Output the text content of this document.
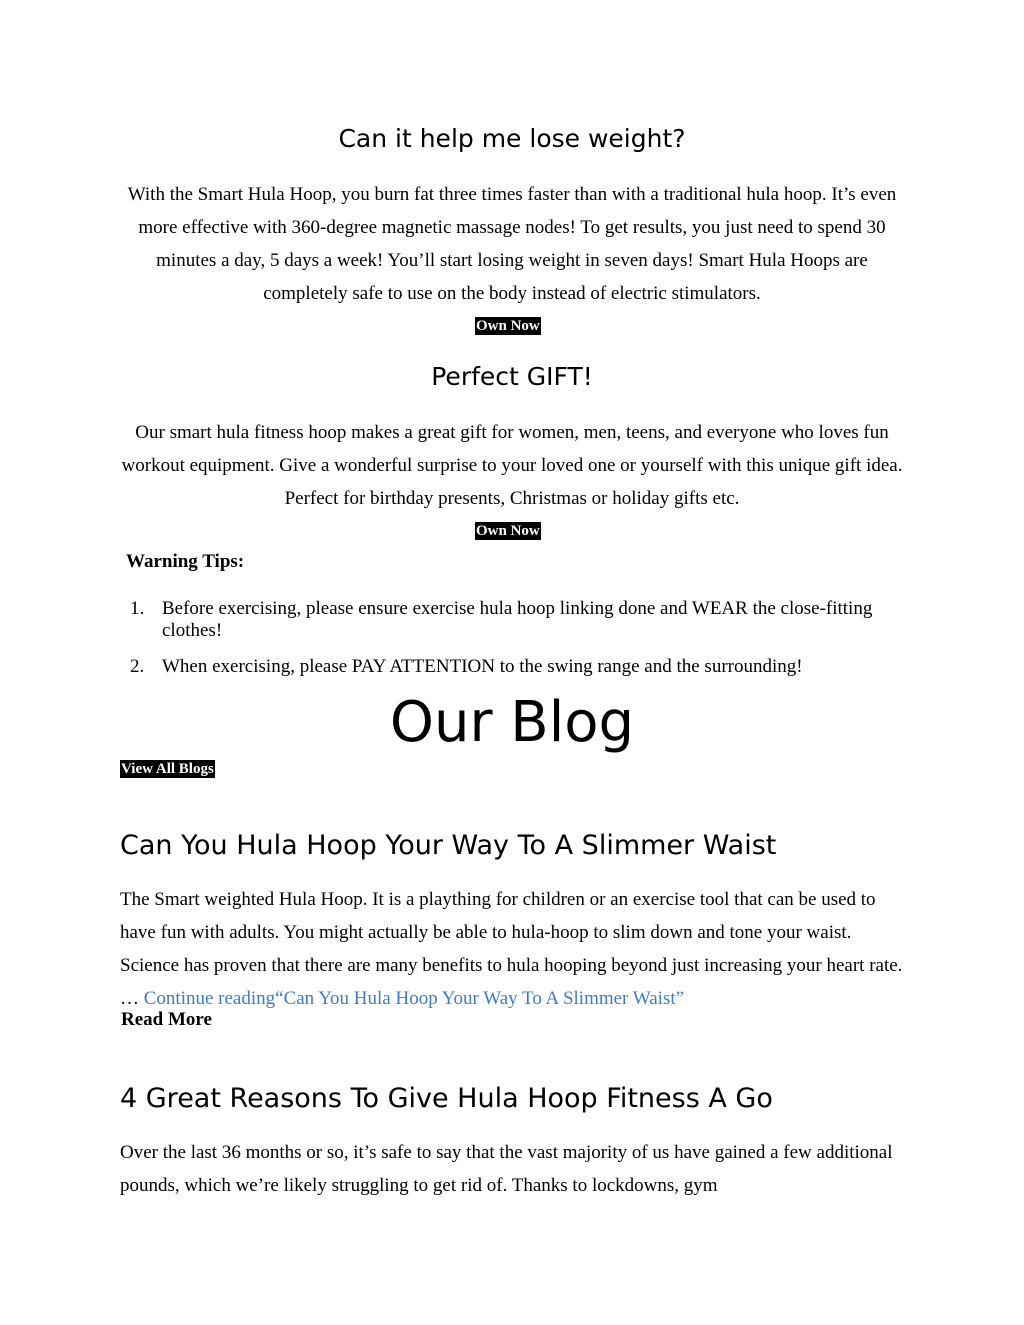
Can it help me lose weight?

With the Smart Hula Hoop, you burn fat three times faster than with a traditional hula hoop. It’s even more effective with 360-degree magnetic massage nodes! To get results, you just need to spend 30 minutes a day, 5 days a week! You’ll start losing weight in seven days! Smart Hula Hoops are completely safe to use on the body instead of electric stimulators.

Own Now
Perfect GIFT!

Our smart hula fitness hoop makes a great gift for women, men, teens, and everyone who loves fun workout equipment. Give a wonderful surprise to your loved one or yourself with this unique gift idea. Perfect for birthday presents, Christmas or holiday gifts etc.

Own Now

Warning Tips:

1. Before exercising, please ensure exercise hula hoop linking done and WEAR the close-fitting clothes!
2. When exercising, please PAY ATTENTION to the swing range and the surrounding!
Our Blog
View All Blogs
Can You Hula Hoop Your Way To A Slimmer Waist

The Smart weighted Hula Hoop. It is a plaything for children or an exercise tool that can be used to have fun with adults. You might actually be able to hula-hoop to slim down and tone your waist. Science has proven that there are many benefits to hula hooping beyond just increasing your heart rate. … Continue reading“Can You Hula Hoop Your Way To A Slimmer Waist”

Read More
4 Great Reasons To Give Hula Hoop Fitness A Go

Over the last 36 months or so, it’s safe to say that the vast majority of us have gained a few additional pounds, which we’re likely struggling to get rid of. Thanks to lockdowns, gym
